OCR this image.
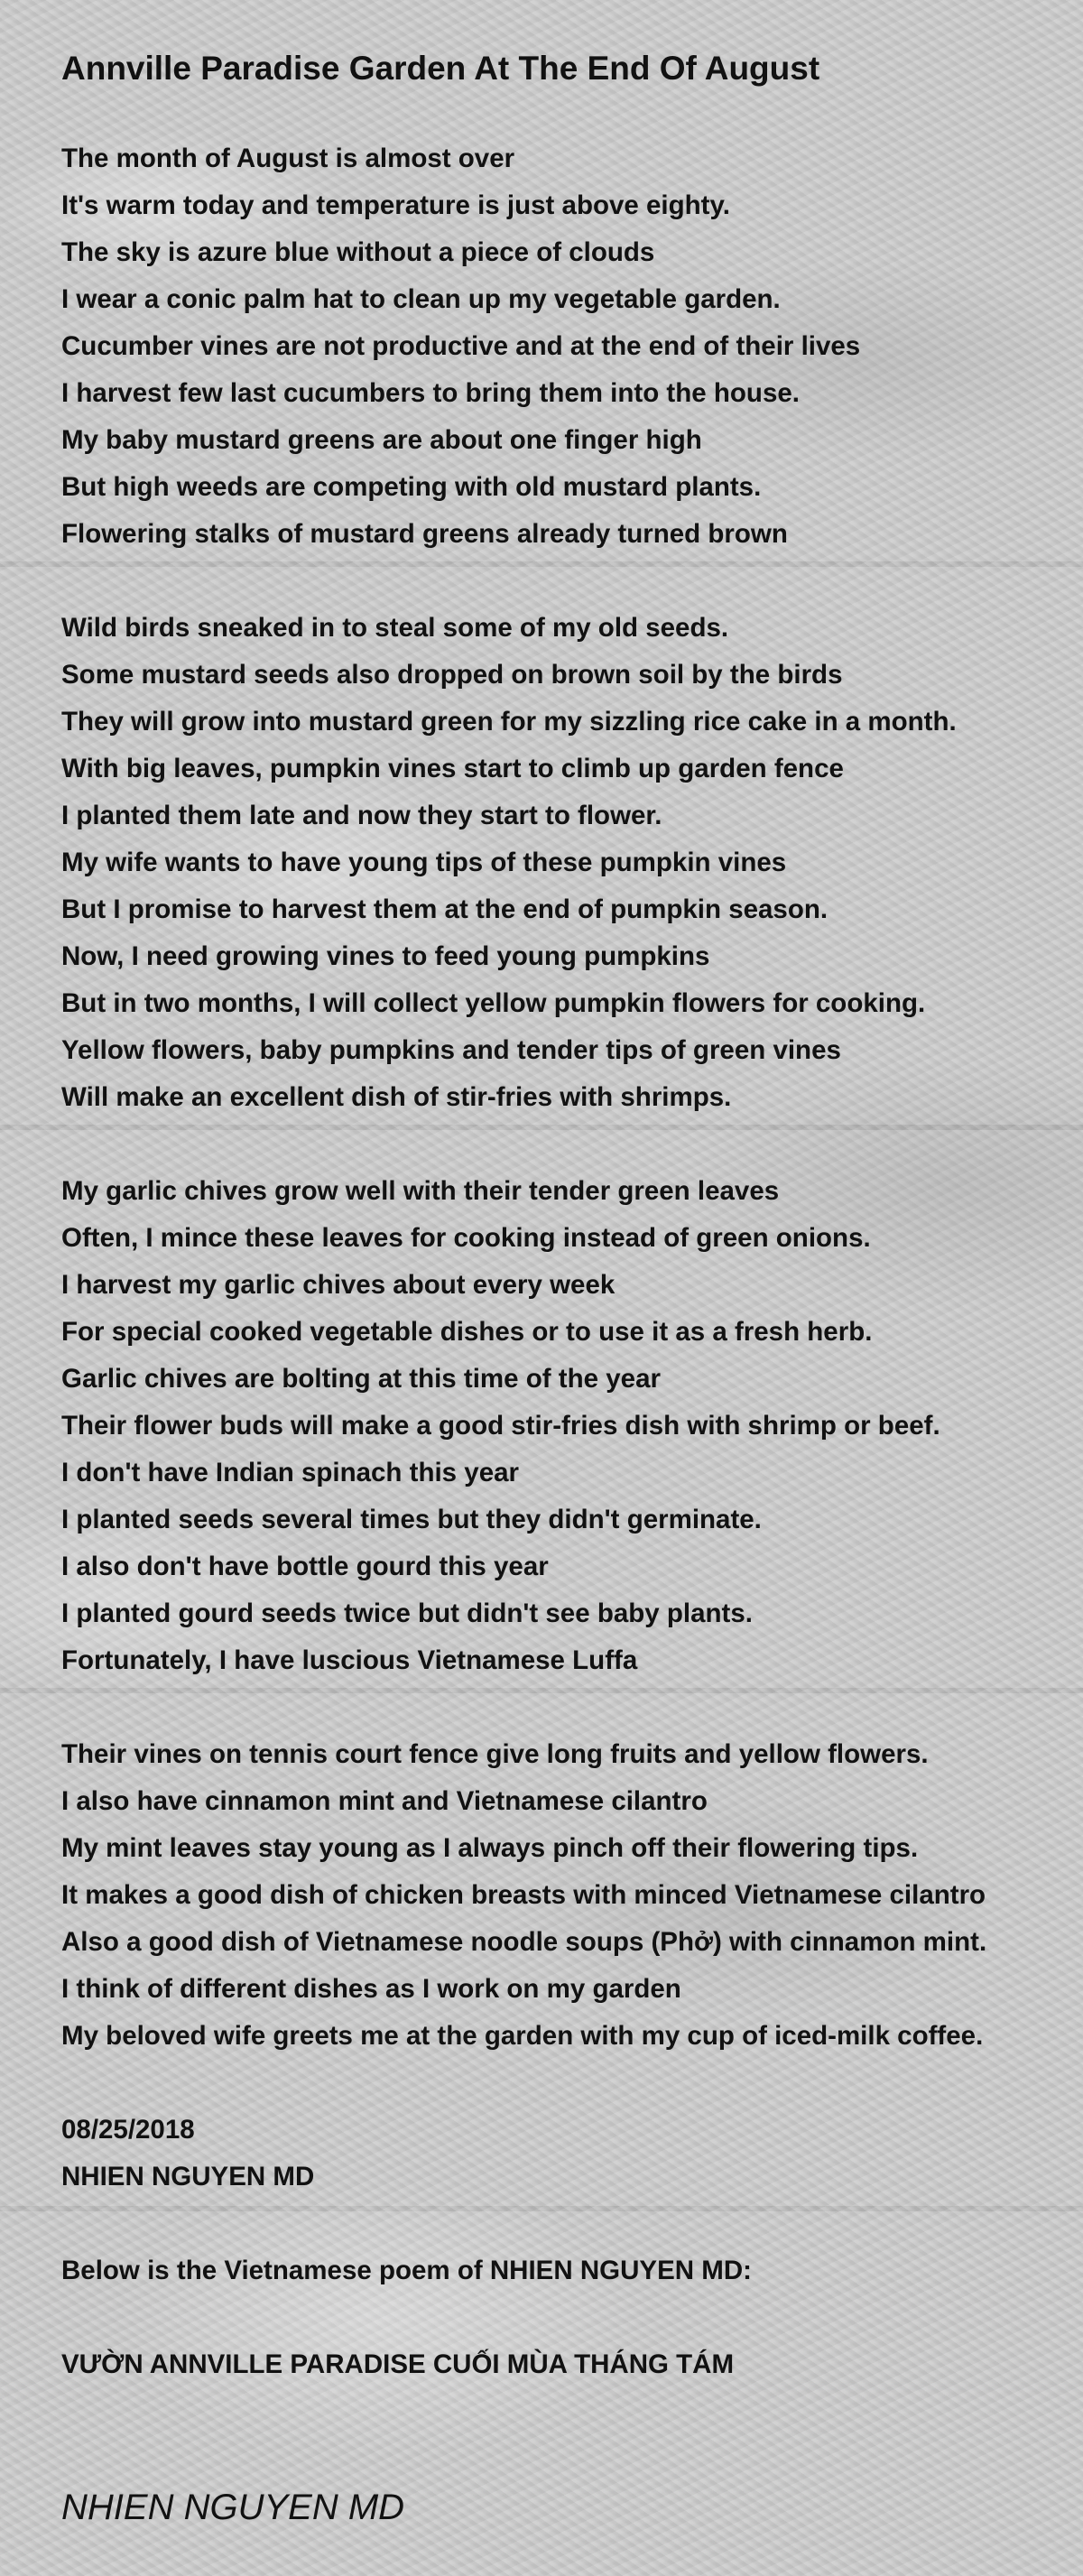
Annville Paradise Garden At The End Of August
The month of August is almost over
It's warm today and temperature is just above eighty.
The sky is azure blue without a piece of clouds
I wear a conic palm hat to clean up my vegetable garden.
Cucumber vines are not productive and at the end of their lives
I harvest few last cucumbers to bring them into the house.
My baby mustard greens are about one finger high
But high weeds are competing with old mustard plants.
Flowering stalks of mustard greens already turned brown
Wild birds sneaked in to steal some of my old seeds.
Some mustard seeds also dropped on brown soil by the birds
They will grow into mustard green for my sizzling rice cake in a month.
With big leaves, pumpkin vines start to climb up garden fence
I planted them late and now they start to flower.
My wife wants to have young tips of these pumpkin vines
But I promise to harvest them at the end of pumpkin season.
Now, I need growing vines to feed young pumpkins
But in two months, I will collect yellow pumpkin flowers for cooking.
Yellow flowers, baby pumpkins and tender tips of green vines
Will make an excellent dish of stir-fries with shrimps.
My garlic chives grow well with their tender green leaves
Often, I mince these leaves for cooking instead of green onions.
I harvest my garlic chives about every week
For special cooked vegetable dishes or to use it as a fresh herb.
Garlic chives are bolting at this time of the year
Their flower buds will make a good stir-fries dish with shrimp or beef.
I don't have Indian spinach this year
I planted seeds several times but they didn't germinate.
I also don't have bottle gourd this year
I planted gourd seeds twice but didn't see baby plants.
Fortunately, I have luscious Vietnamese Luffa
Their vines on tennis court fence give long fruits and yellow flowers.
I also have cinnamon mint and Vietnamese cilantro
My mint leaves stay young as I always pinch off their flowering tips.
It makes a good dish of chicken breasts with minced Vietnamese cilantro
Also a good dish of Vietnamese noodle soups (Phở) with cinnamon mint.
I think of different dishes as I work on my garden
My beloved wife greets me at the garden with my cup of iced-milk coffee.
08/25/2018
NHIEN NGUYEN MD
Below is the Vietnamese poem of NHIEN NGUYEN MD:
VƯỜN ANNVILLE PARADISE CUỐI MÙA THÁNG TÁM
NHIEN NGUYEN MD
